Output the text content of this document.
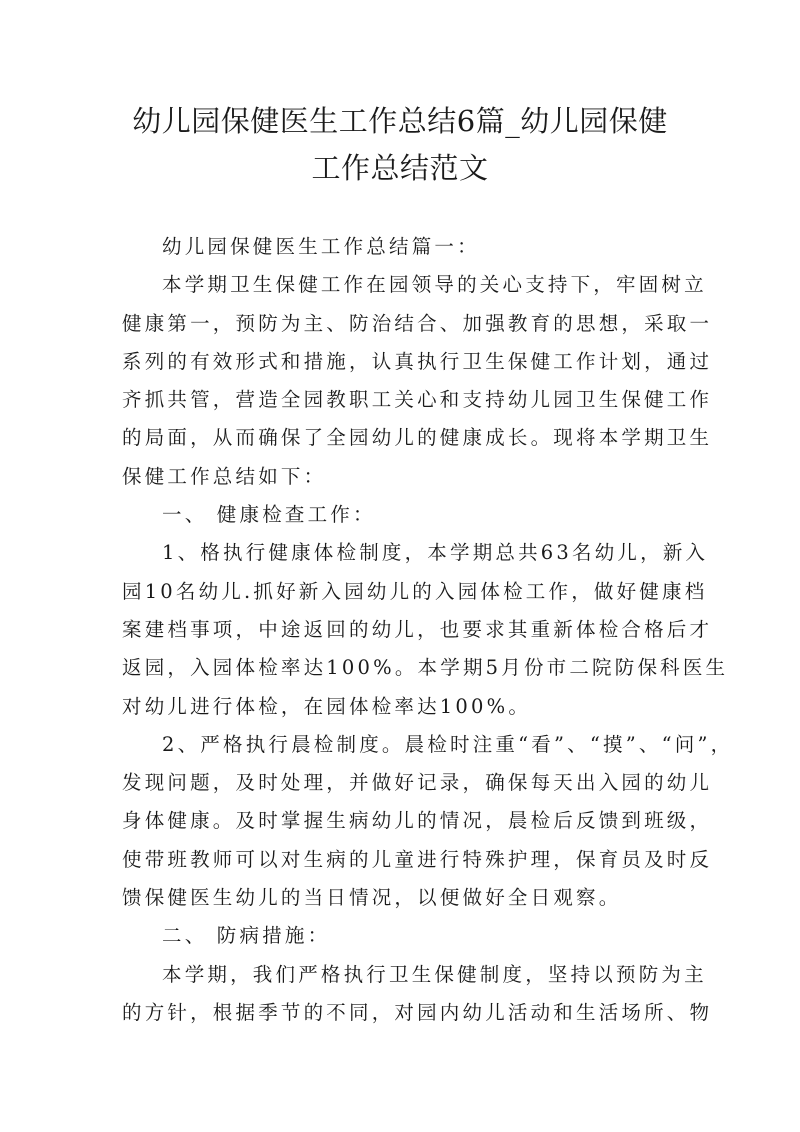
幼儿园保健医生工作总结6篇_幼儿园保健
工作总结范文
幼儿园保健医生工作总结篇一：
本学期卫生保健工作在园领导的关心支持下，牢固树立
健康第一，预防为主、防治结合、加强教育的思想，采取一
系列的有效形式和措施，认真执行卫生保健工作计划，通过
齐抓共管，营造全园教职工关心和支持幼儿园卫生保健工作
的局面，从而确保了全园幼儿的健康成长。现将本学期卫生
保健工作总结如下：
一、 健康检查工作：
1、格执行健康体检制度，本学期总共63名幼儿，新入
园10名幼儿.抓好新入园幼儿的入园体检工作，做好健康档
案建档事项，中途返回的幼儿，也要求其重新体检合格后才
返园，入园体检率达100%。本学期5月份市二院防保科医生
对幼儿进行体检，在园体检率达100%。
2、严格执行晨检制度。晨检时注重“看”、“摸”、“问”，
发现问题，及时处理，并做好记录，确保每天出入园的幼儿
身体健康。及时掌握生病幼儿的情况，晨检后反馈到班级，
使带班教师可以对生病的儿童进行特殊护理，保育员及时反
馈保健医生幼儿的当日情况，以便做好全日观察。
二、 防病措施：
本学期，我们严格执行卫生保健制度，坚持以预防为主
的方针，根据季节的不同，对园内幼儿活动和生活场所、物
